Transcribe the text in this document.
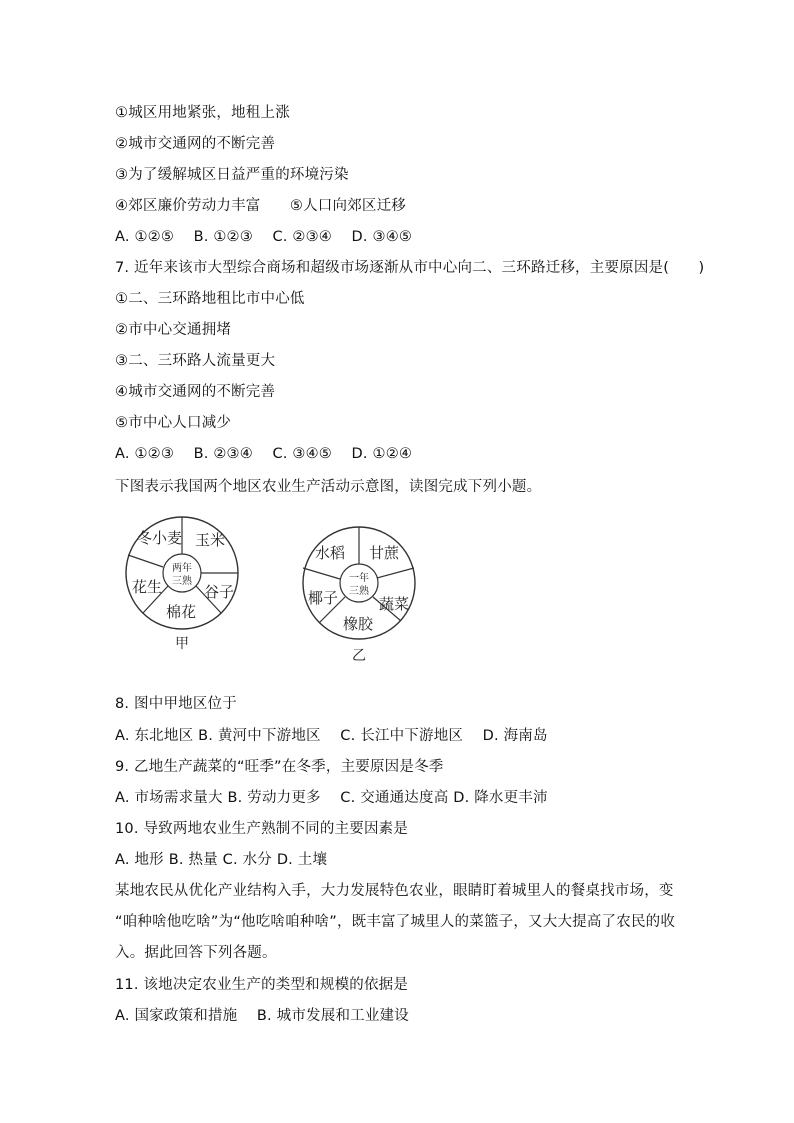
①城区用地紧张，地租上涨
②城市交通网的不断完善
③为了缓解城区日益严重的环境污染
④郊区廉价劳动力丰富　　⑤人口向郊区迁移
A. ①②⑤　 B. ①②③　 C. ②③④　 D. ③④⑤
7. 近年来该市大型综合商场和超级市场逐渐从市中心向二、三环路迁移，主要原因是(　　)
①二、三环路地租比市中心低
②市中心交通拥堵
③二、三环路人流量更大
④城市交通网的不断完善
⑤市中心人口减少
A. ①②③　 B. ②③④　 C. ③④⑤　 D. ①②④
下图表示我国两个地区农业生产活动示意图，读图完成下列小题。
冬小麦 玉米
谷子
棉花
花生
两年
三熟
甲
水稻 甘蔗
蔬菜
橡胶
椰子
一年
三熟
乙
8. 图中甲地区位于
A. 东北地区 B. 黄河中下游地区　 C. 长江中下游地区　 D. 海南岛
9. 乙地生产蔬菜的“旺季”在冬季，主要原因是冬季
A. 市场需求量大 B. 劳动力更多　 C. 交通通达度高 D. 降水更丰沛
10. 导致两地农业生产熟制不同的主要因素是
A. 地形 B. 热量 C. 水分 D. 土壤
某地农民从优化产业结构入手，大力发展特色农业，眼睛盯着城里人的餐桌找市场，变 “咱种啥他吃啥”为“他吃啥咱种啥”，既丰富了城里人的菜篮子，又大大提高了农民的收入。据此回答下列各题。
11. 该地决定农业生产的类型和规模的依据是
A. 国家政策和措施　 B. 城市发展和工业建设
